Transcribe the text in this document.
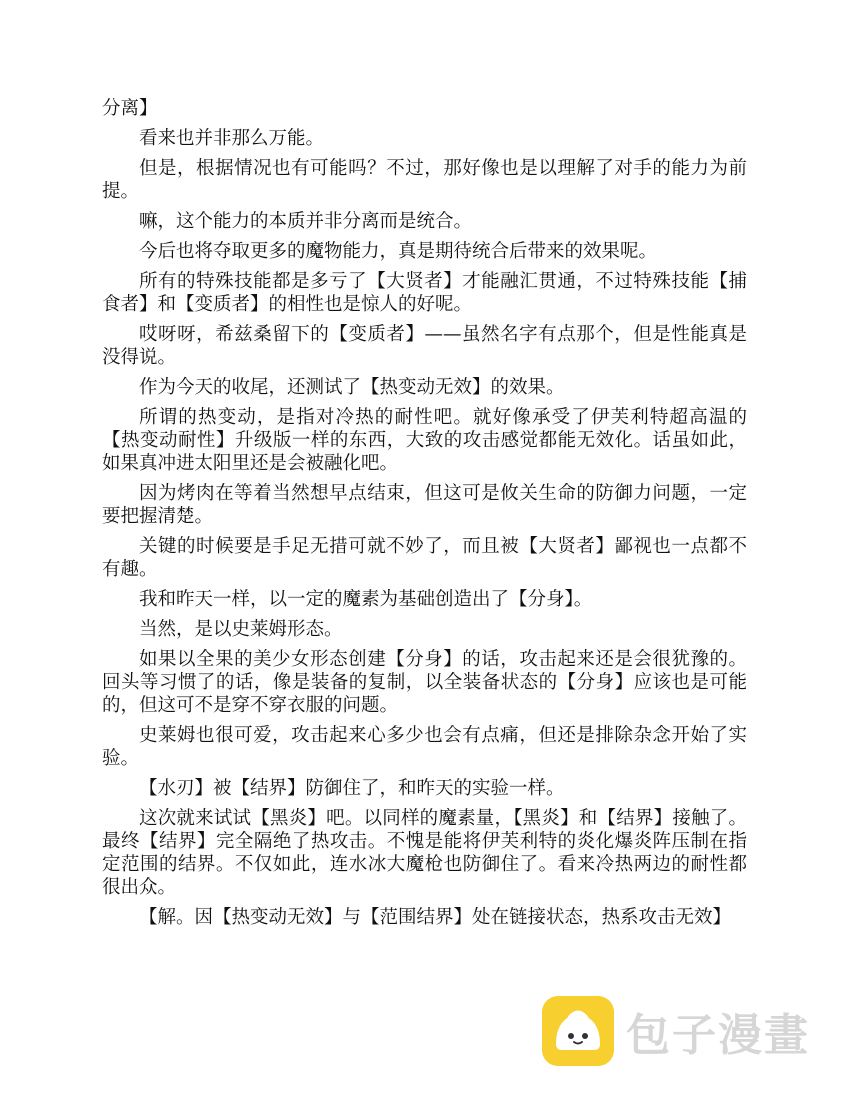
分离】

看来也并非那么万能。

但是，根据情况也有可能吗？不过，那好像也是以理解了对手的能力为前提。

嘛，这个能力的本质并非分离而是统合。

今后也将夺取更多的魔物能力，真是期待统合后带来的效果呢。

所有的特殊技能都是多亏了【大贤者】才能融汇贯通，不过特殊技能【捕食者】和【变质者】的相性也是惊人的好呢。

哎呀呀，希兹桑留下的【变质者】——虽然名字有点那个，但是性能真是没得说。

作为今天的收尾，还测试了【热变动无效】的效果。

所谓的热变动，是指对冷热的耐性吧。就好像承受了伊芙利特超高温的【热变动耐性】升级版一样的东西，大致的攻击感觉都能无效化。话虽如此，如果真冲进太阳里还是会被融化吧。

因为烤肉在等着当然想早点结束，但这可是攸关生命的防御力问题，一定要把握清楚。

关键的时候要是手足无措可就不妙了，而且被【大贤者】鄙视也一点都不有趣。

我和昨天一样，以一定的魔素为基础创造出了【分身】。

当然，是以史莱姆形态。

如果以全果的美少女形态创建【分身】的话，攻击起来还是会很犹豫的。回头等习惯了的话，像是装备的复制，以全装备状态的【分身】应该也是可能的，但这可不是穿不穿衣服的问题。

史莱姆也很可爱，攻击起来心多少也会有点痛，但还是排除杂念开始了实验。

【水刃】被【结界】防御住了，和昨天的实验一样。

这次就来试试【黑炎】吧。以同样的魔素量，【黑炎】和【结界】接触了。最终【结界】完全隔绝了热攻击。不愧是能将伊芙利特的炎化爆炎阵压制在指定范围的结界。不仅如此，连水冰大魔枪也防御住了。看来冷热两边的耐性都很出众。

【解。因【热变动无效】与【范围结界】处在链接状态，热系攻击无效】

包子漫畫
